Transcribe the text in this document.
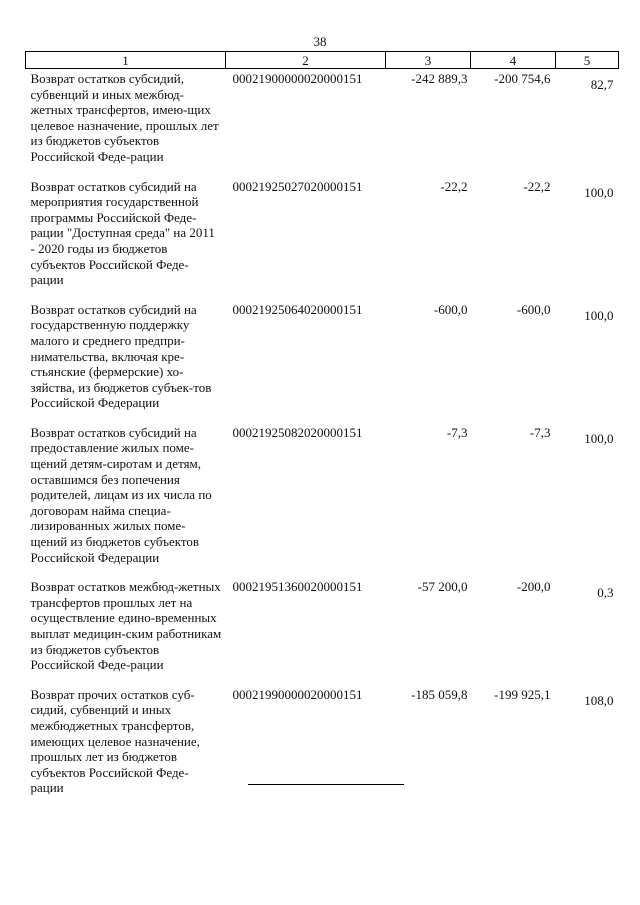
38
1	2	3	4	5
Возврат остатков субсидий, субвенций и иных межбюд-жетных трансфертов, имею-щих целевое назначение, прошлых лет из бюджетов субъектов Российской Феде-рации	00021900000020000151	-242 889,3	-200 754,6	82,7
Возврат остатков субсидий на мероприятия государственной программы Российской Феде-рации "Доступная среда" на 2011 - 2020 годы из бюджетов субъектов Российской Феде-рации	00021925027020000151	-22,2	-22,2	100,0
Возврат остатков субсидий на государственную поддержку малого и среднего предпри-нимательства, включая кре-стьянские (фермерские) хо-зяйства, из бюджетов субъек-тов Российской Федерации	00021925064020000151	-600,0	-600,0	100,0
Возврат остатков субсидий на предоставление жилых поме-щений детям-сиротам и детям, оставшимся без попечения родителей, лицам из их числа по договорам найма специа-лизированных жилых поме-щений из бюджетов субъектов Российской Федерации	00021925082020000151	-7,3	-7,3	100,0
Возврат остатков межбюд-жетных трансфертов прошлых лет на осуществление едино-временных выплат медицин-ским работникам из бюджетов субъектов Российской Феде-рации	00021951360020000151	-57 200,0	-200,0	0,3
Возврат прочих остатков суб-сидий, субвенций и иных межбюджетных трансфертов, имеющих целевое назначение, прошлых лет из бюджетов субъектов Российской Феде-рации	00021990000020000151	-185 059,8	-199 925,1	108,0
